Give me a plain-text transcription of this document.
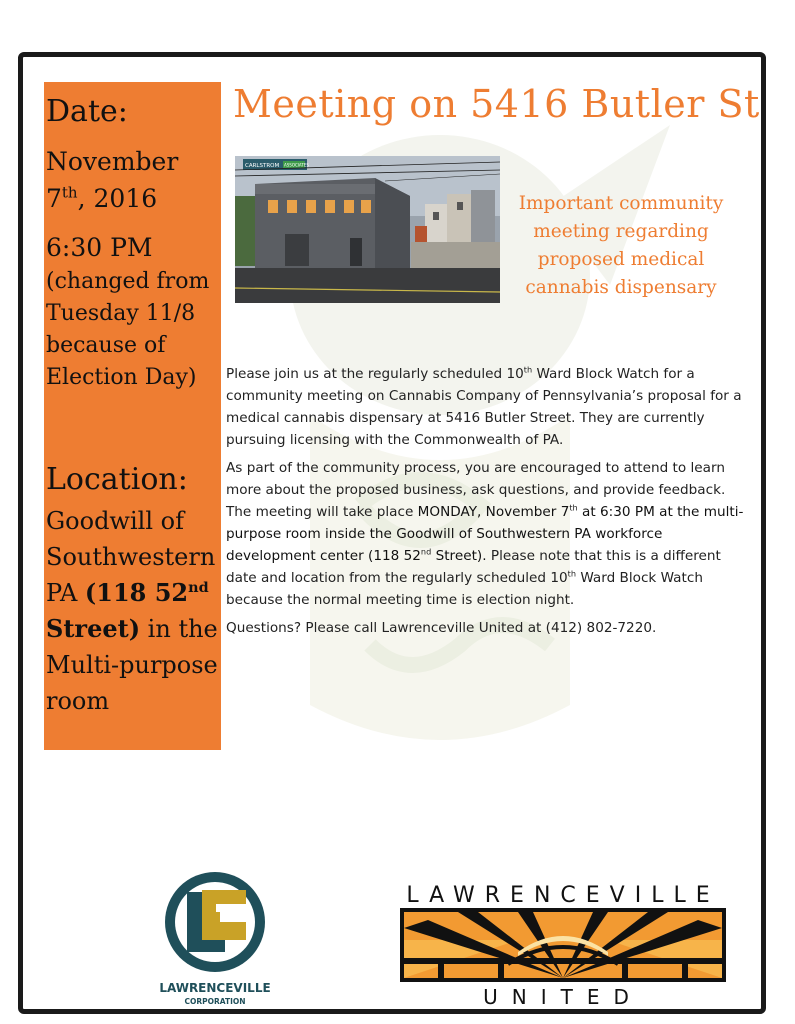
Date:
November
7th, 2016
6:30 PM
(changed from
Tuesday 11/8
because of
Election Day)
Location:
Goodwill of
Southwestern
PA (118 52nd
Street) in the
Multi-purpose
room
Meeting on 5416 Butler St
CARLSTROM ASSOCIATES
Important community
meeting regarding
proposed medical
cannabis dispensary

Please join us at the regularly scheduled 10th Ward Block Watch for a community meeting on Cannabis Company of Pennsylvania’s proposal for a medical cannabis dispensary at 5416 Butler Street. They are currently pursuing licensing with the Commonwealth of PA.

As part of the community process, you are encouraged to attend to learn more about the proposed business, ask questions, and provide feedback. The meeting will take place MONDAY, November 7th at 6:30 PM at the multi-purpose room inside the Goodwill of Southwestern PA workforce development center (118 52nd Street). Please note that this is a different date and location from the regularly scheduled 10th Ward Block Watch because the normal meeting time is election night.

Questions? Please call Lawrenceville United at (412) 802-7220.

LAWRENCEVILLE
CORPORATION
LAWRENCEVILLE
UNITED
